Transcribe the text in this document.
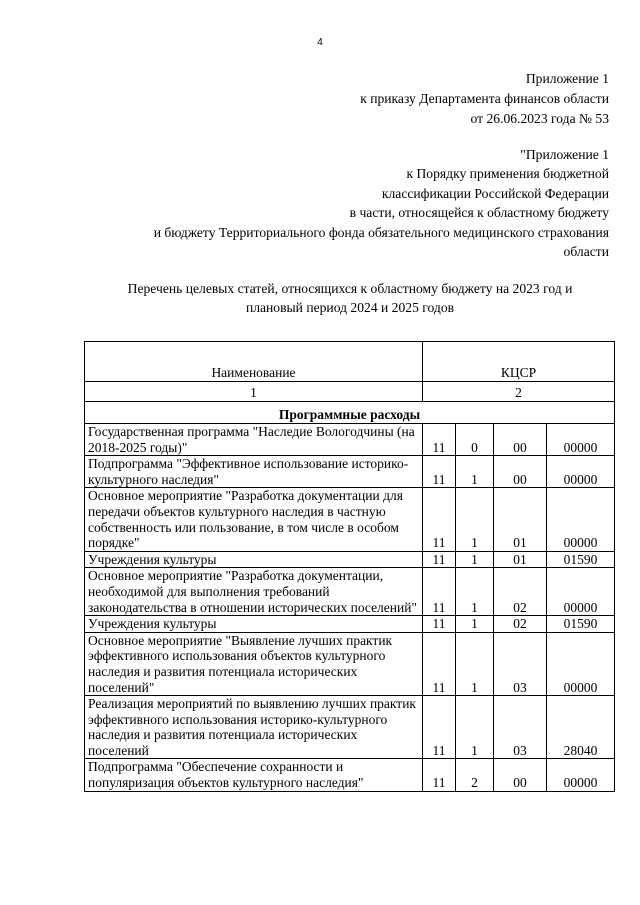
4
Приложение 1
к приказу Департамента финансов области
от 26.06.2023 года № 53
"Приложение 1
к Порядку применения бюджетной
классификации Российской Федерации
в части, относящейся к областному бюджету
и бюджету Территориального фонда обязательного медицинского страхования
области
Перечень целевых статей, относящихся к областному бюджету на 2023 год и
плановый период 2024 и 2025 годов
Наименование	КЦСР			
1	2			
Программные расходы				
Государственная программа "Наследие Вологодчины (на 2018-2025 годы)"	11	0	00	00000
Подпрограмма "Эффективное использование историко-культурного наследия"	11	1	00	00000
Основное мероприятие "Разработка документации для передачи объектов культурного наследия в частную собственность или пользование, в том числе в особом порядке"	11	1	01	00000
Учреждения культуры	11	1	01	01590
Основное мероприятие "Разработка документации, необходимой для выполнения требований законодательства в отношении исторических поселений"	11	1	02	00000
Учреждения культуры	11	1	02	01590
Основное мероприятие "Выявление лучших практик эффективного использования объектов культурного наследия и развития потенциала исторических поселений"	11	1	03	00000
Реализация мероприятий по выявлению лучших практик эффективного использования историко-культурного наследия и развития потенциала исторических поселений	11	1	03	28040
Подпрограмма "Обеспечение сохранности и популяризация объектов культурного наследия"	11	2	00	00000
